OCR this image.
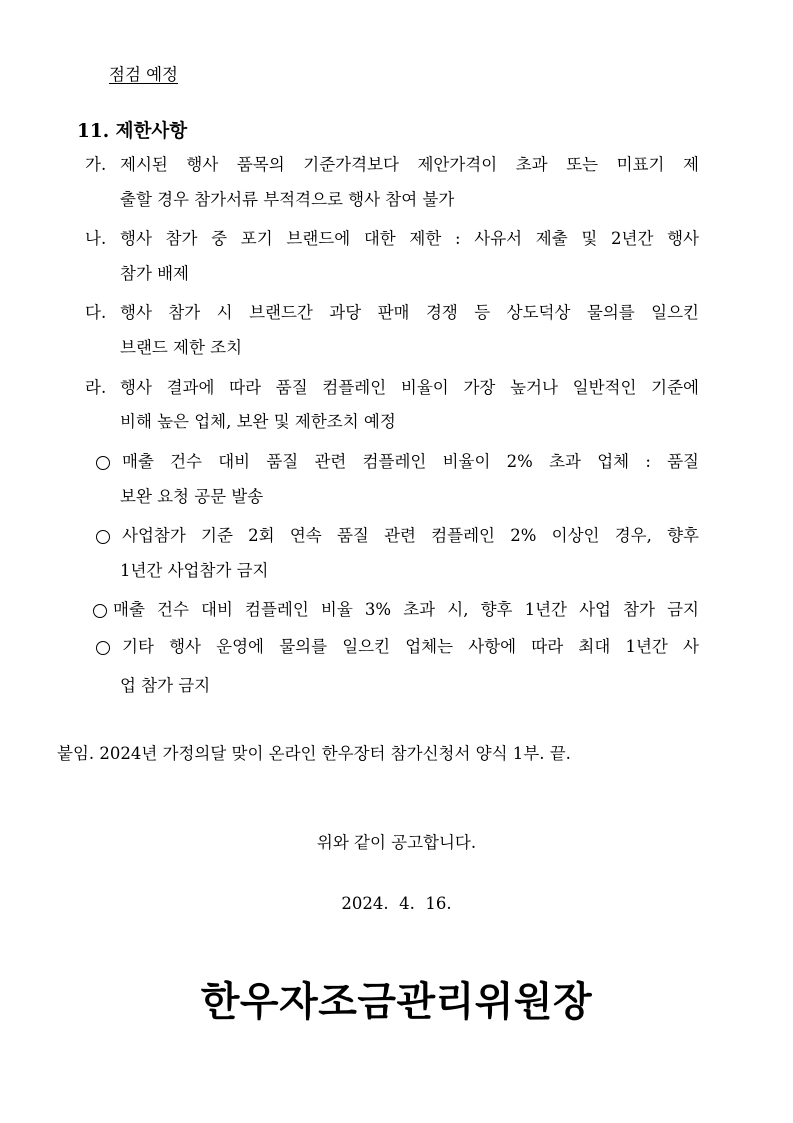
점검 예정
11. 제한사항
가. 제시된 행사 품목의 기준가격보다 제안가격이 초과 또는 미표기 제
출할 경우 참가서류 부적격으로 행사 참여 불가
나. 행사 참가 중 포기 브랜드에 대한 제한 : 사유서 제출 및 2년간 행사
참가 배제
다. 행사 참가 시 브랜드간 과당 판매 경쟁 등 상도덕상 물의를 일으킨
브랜드 제한 조치
라. 행사 결과에 따라 품질 컴플레인 비율이 가장 높거나 일반적인 기준에
비해 높은 업체, 보완 및 제한조치 예정
매출 건수 대비 품질 관련 컴플레인 비율이 2% 초과 업체 : 품질
보완 요청 공문 발송
사업참가 기준 2회 연속 품질 관련 컴플레인 2% 이상인 경우, 향후
1년간 사업참가 금지
매출 건수 대비 컴플레인 비율 3% 초과 시, 향후 1년간 사업 참가 금지
기타 행사 운영에 물의를 일으킨 업체는 사항에 따라 최대 1년간 사
업 참가 금지
붙임. 2024년 가정의달 맞이 온라인 한우장터 참가신청서 양식 1부. 끝.
위와 같이 공고합니다.
2024.  4.  16.
한우자조금관리위원장
